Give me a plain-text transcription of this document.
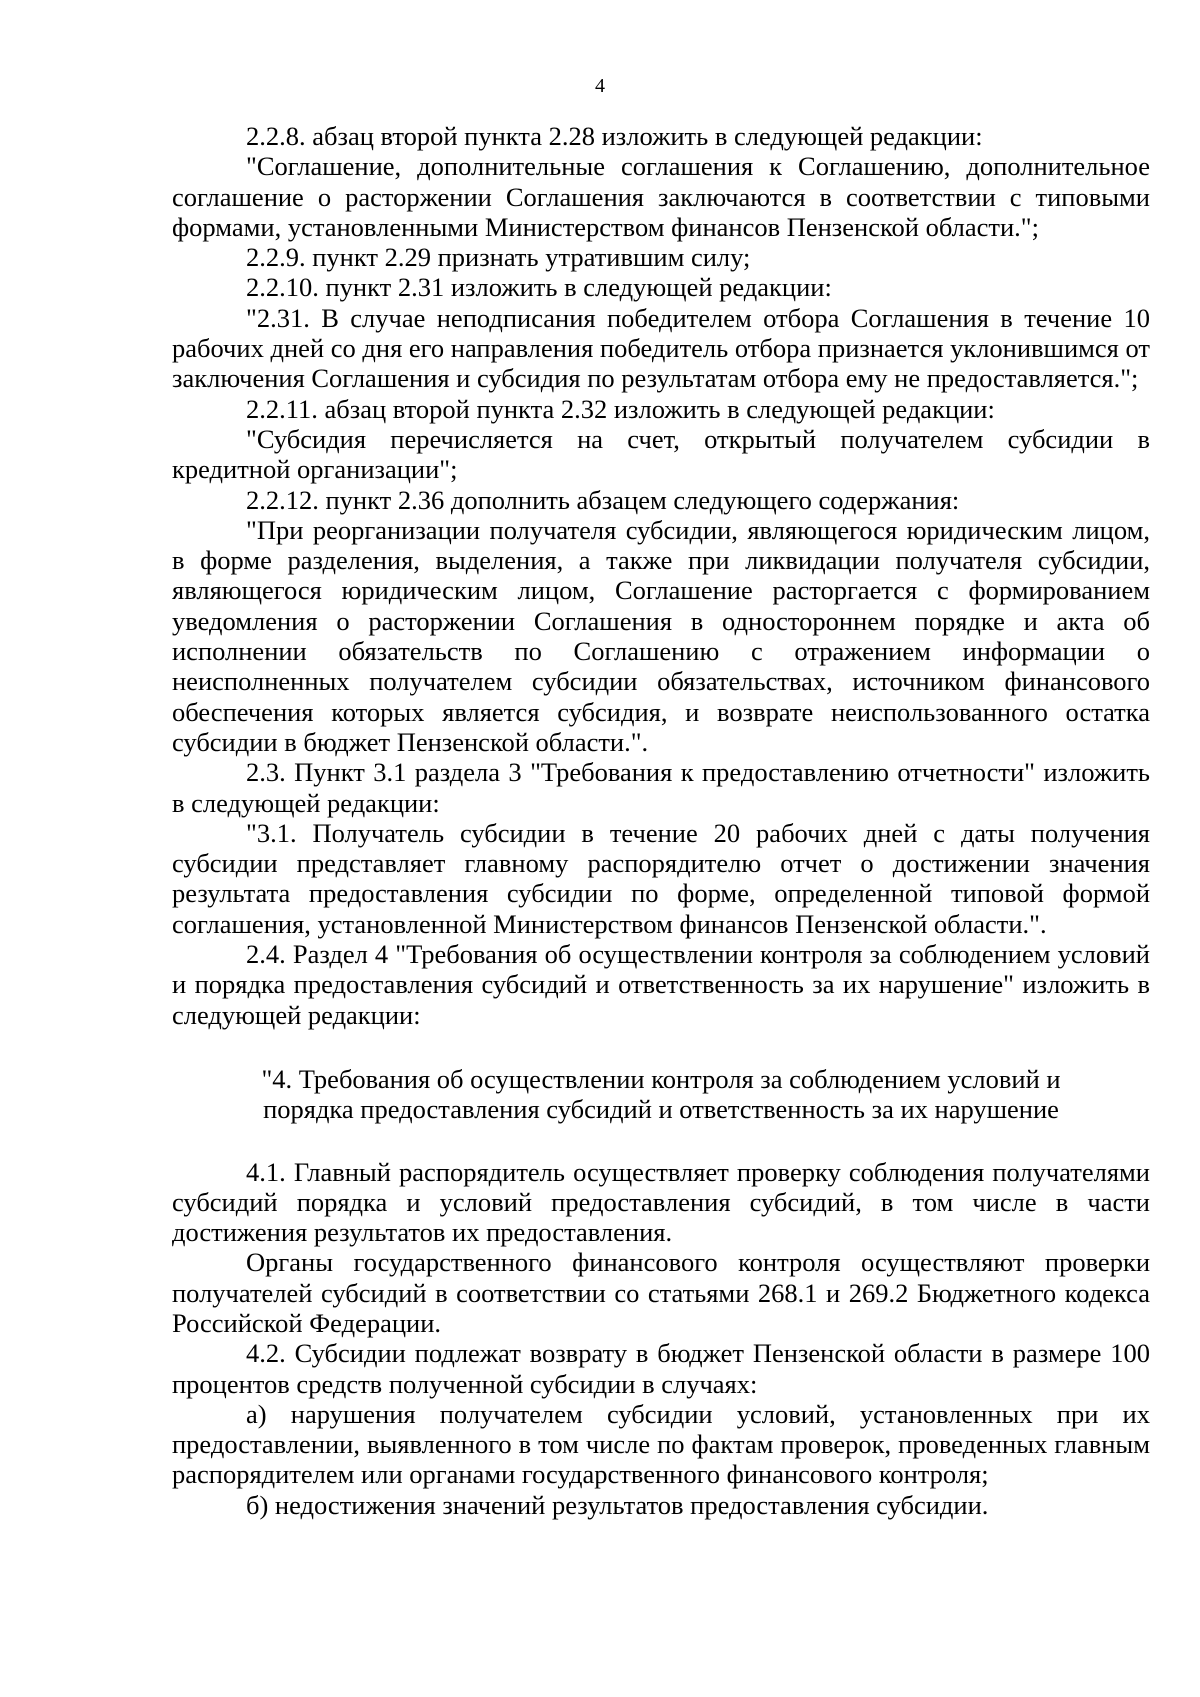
4

2.2.8. абзац второй пункта 2.28 изложить в следующей редакции:

"Соглашение, дополнительные соглашения к Соглашению, дополнительное соглашение о расторжении Соглашения заключаются в соответствии с типовыми формами, установленными Министерством финансов Пензенской области.";

2.2.9. пункт 2.29 признать утратившим силу;

2.2.10. пункт 2.31 изложить в следующей редакции:

"2.31. В случае неподписания победителем отбора Соглашения в течение 10 рабочих дней со дня его направления победитель отбора признается уклонившимся от заключения Соглашения и субсидия по результатам отбора ему не предоставляется.";

2.2.11. абзац второй пункта 2.32 изложить в следующей редакции:

"Субсидия перечисляется на счет, открытый получателем субсидии в кредитной организации";

2.2.12. пункт 2.36 дополнить абзацем следующего содержания:

"При реорганизации получателя субсидии, являющегося юридическим лицом, в форме разделения, выделения, а также при ликвидации получателя субсидии, являющегося юридическим лицом, Соглашение расторгается с формированием уведомления о расторжении Соглашения в одностороннем порядке и акта об исполнении обязательств по Соглашению с отражением информации о неисполненных получателем субсидии обязательствах, источником финансового обеспечения которых является субсидия, и возврате неиспользованного остатка субсидии в бюджет Пензенской области.".

2.3. Пункт 3.1 раздела 3 "Требования к предоставлению отчетности" изложить в следующей редакции:

"3.1. Получатель субсидии в течение 20 рабочих дней с даты получения субсидии представляет главному распорядителю отчет о достижении значения результата предоставления субсидии по форме, определенной типовой формой соглашения, установленной Министерством финансов Пензенской области.".

2.4. Раздел 4 "Требования об осуществлении контроля за соблюдением условий и порядка предоставления субсидий и ответственность за их нарушение" изложить в следующей редакции:

"4. Требования об осуществлении контроля за соблюдением условий и порядка предоставления субсидий и ответственность за их нарушение

4.1. Главный распорядитель осуществляет проверку соблюдения получателями субсидий порядка и условий предоставления субсидий, в том числе в части достижения результатов их предоставления.

Органы государственного финансового контроля осуществляют проверки получателей субсидий в соответствии со статьями 268.1 и 269.2 Бюджетного кодекса Российской Федерации.

4.2. Субсидии подлежат возврату в бюджет Пензенской области в размере 100 процентов средств полученной субсидии в случаях:

а) нарушения получателем субсидии условий, установленных при их предоставлении, выявленного в том числе по фактам проверок, проведенных главным распорядителем или органами государственного финансового контроля;

б) недостижения значений результатов предоставления субсидии.
